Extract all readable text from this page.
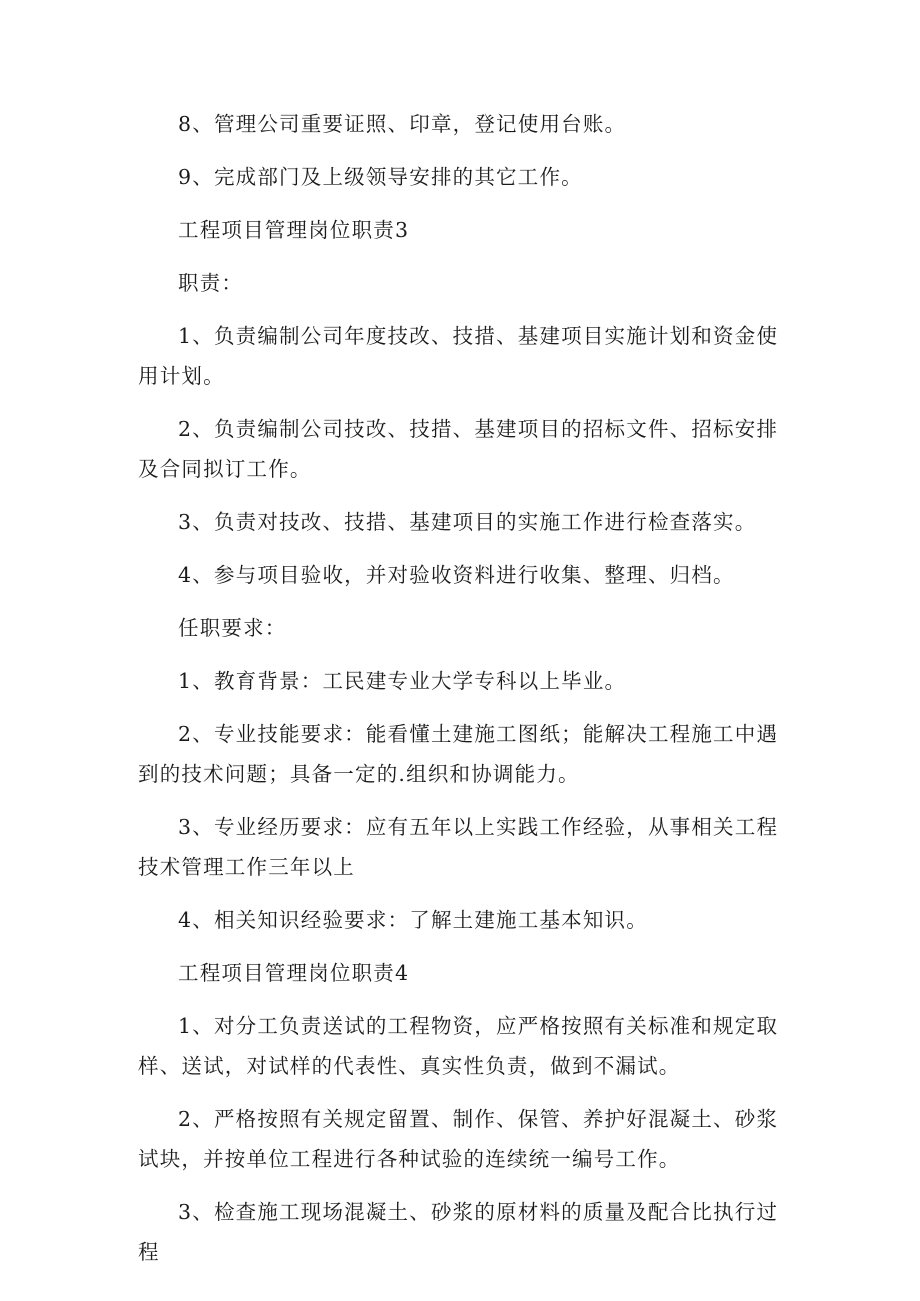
8、管理公司重要证照、印章，登记使用台账。

9、完成部门及上级领导安排的其它工作。

工程项目管理岗位职责3

职责：

1、负责编制公司年度技改、技措、基建项目实施计划和资金使用计划。

2、负责编制公司技改、技措、基建项目的招标文件、招标安排及合同拟订工作。

3、负责对技改、技措、基建项目的实施工作进行检查落实。

4、参与项目验收，并对验收资料进行收集、整理、归档。

任职要求：

1、教育背景：工民建专业大学专科以上毕业。

2、专业技能要求：能看懂土建施工图纸；能解决工程施工中遇到的技术问题；具备一定的.组织和协调能力。

3、专业经历要求：应有五年以上实践工作经验，从事相关工程技术管理工作三年以上

4、相关知识经验要求：了解土建施工基本知识。

工程项目管理岗位职责4

1、对分工负责送试的工程物资，应严格按照有关标准和规定取样、送试，对试样的代表性、真实性负责，做到不漏试。

2、严格按照有关规定留置、制作、保管、养护好混凝土、砂浆试块，并按单位工程进行各种试验的连续统一编号工作。

3、检查施工现场混凝土、砂浆的原材料的质量及配合比执行过程
